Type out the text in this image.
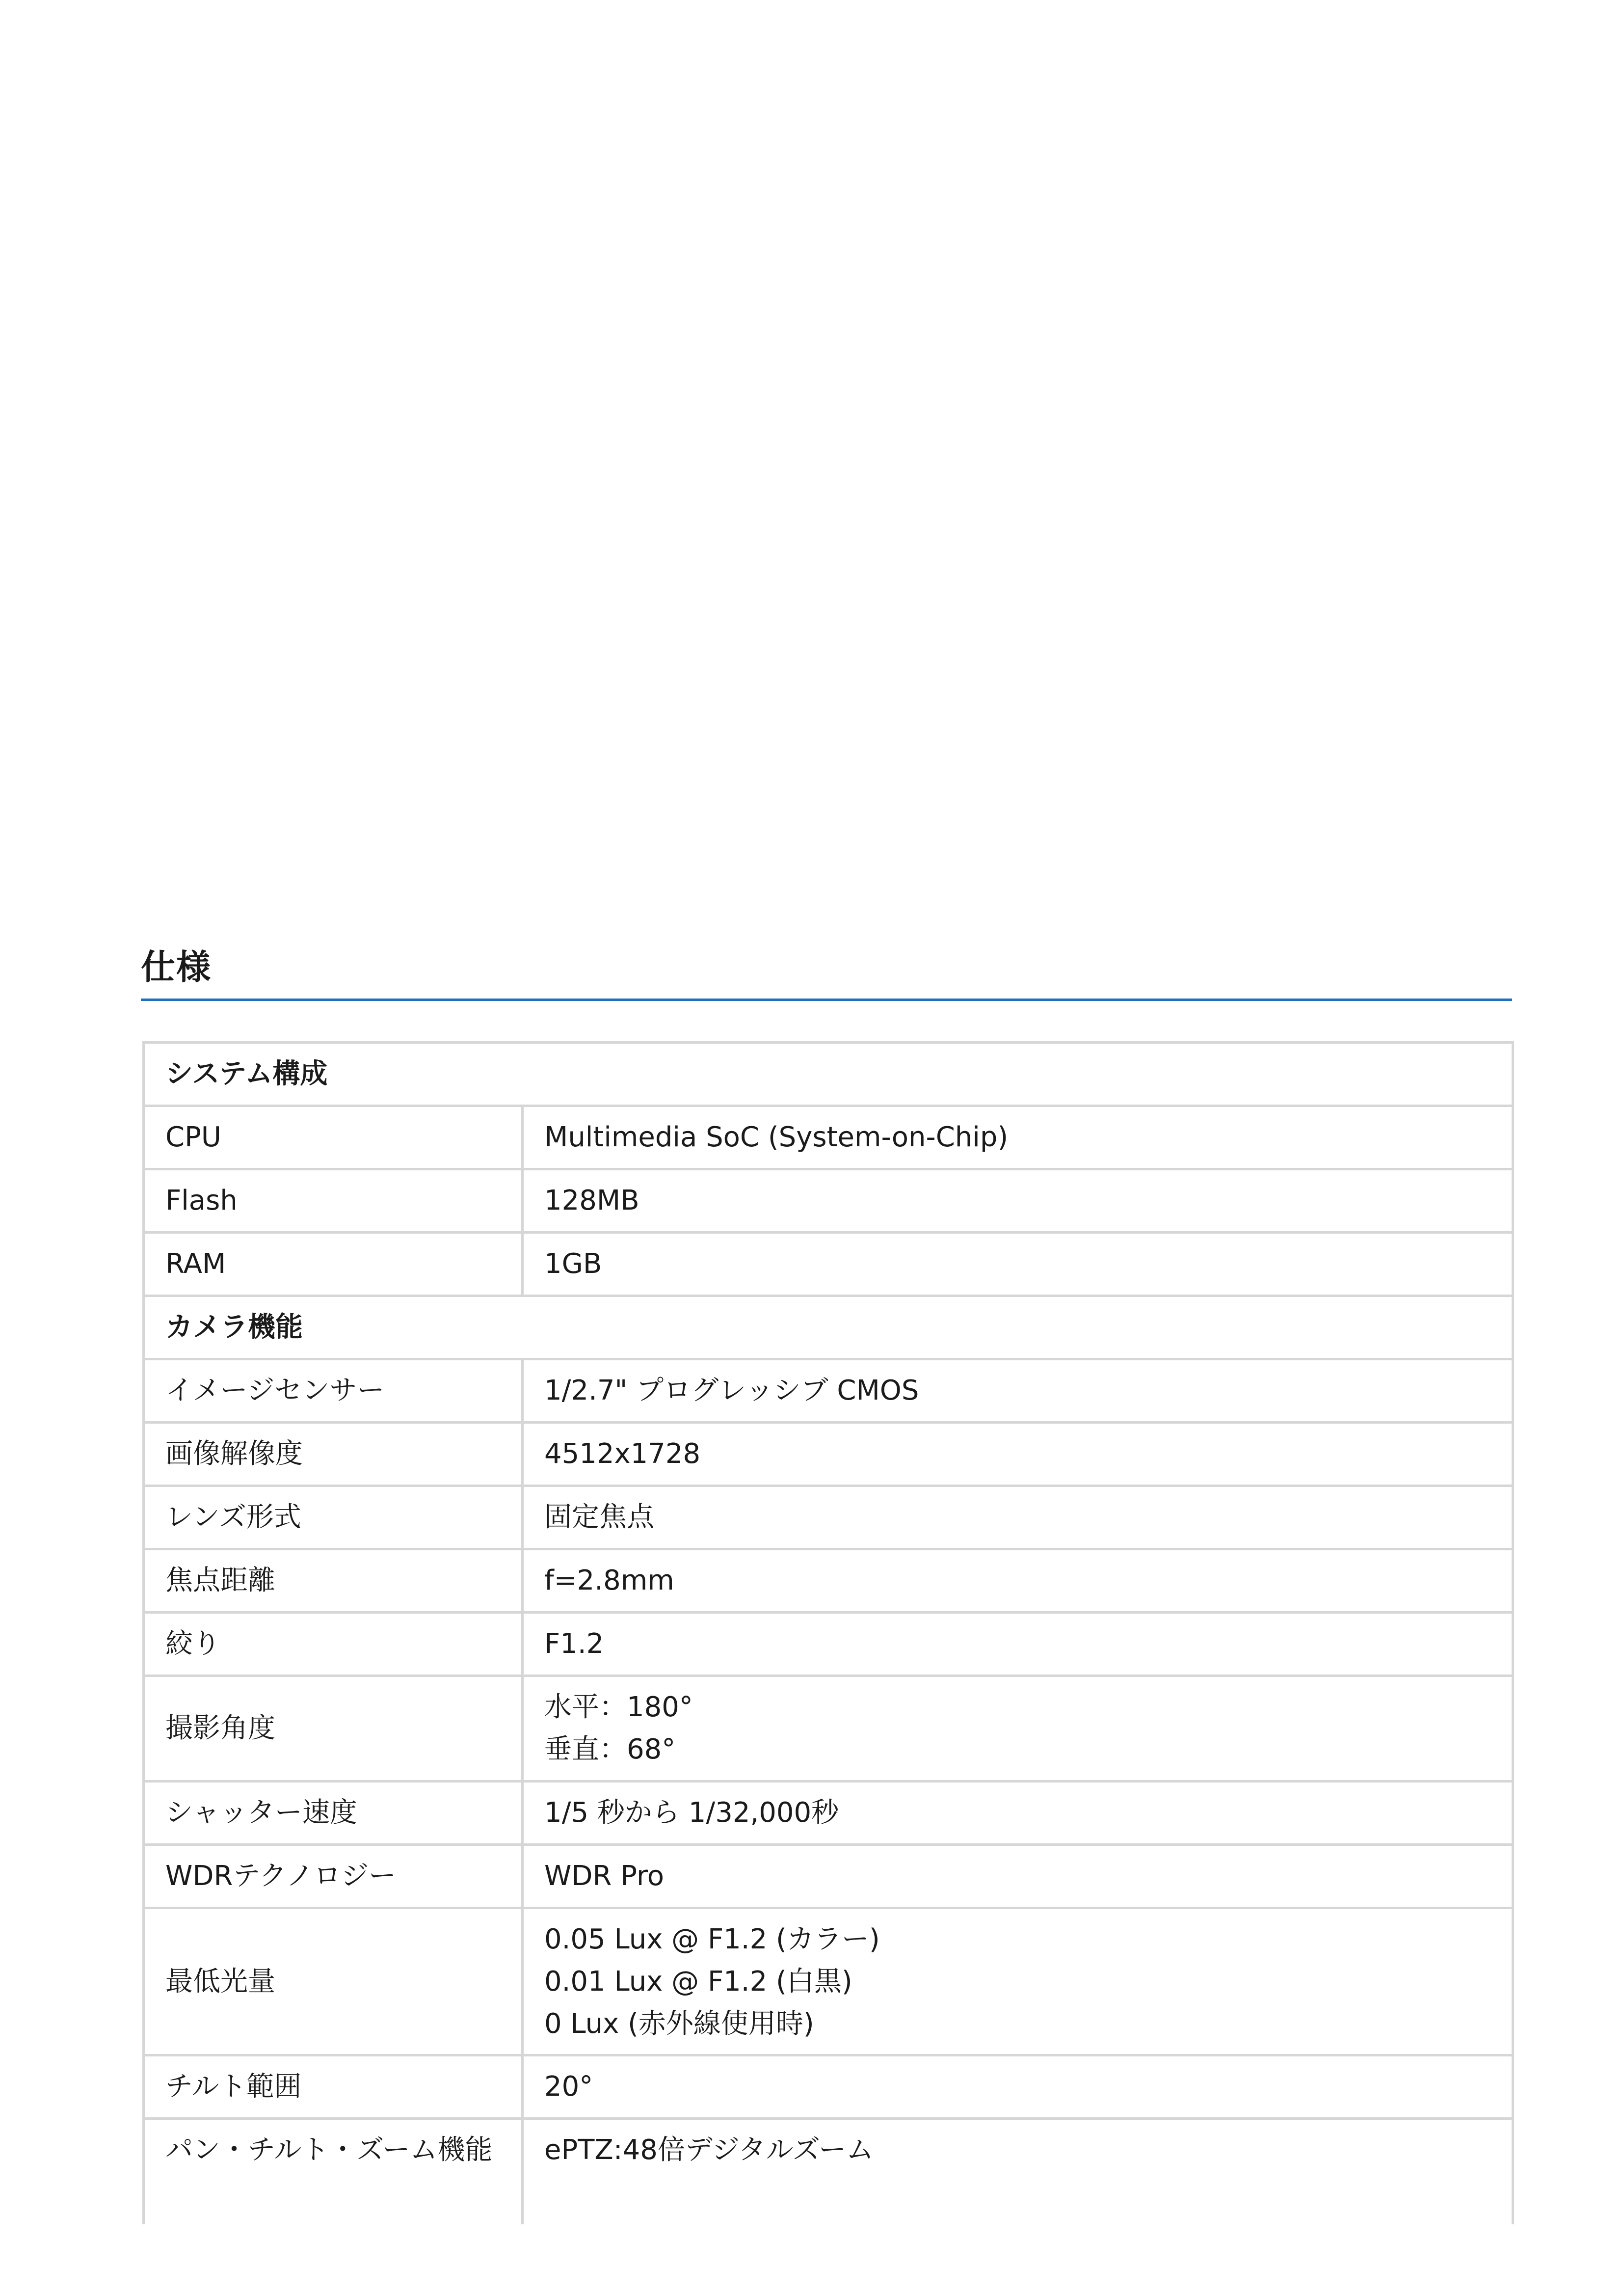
仕様
システム構成	
CPU	Multimedia SoC (System-on-Chip)
Flash	128MB
RAM	1GB
カメラ機能	
イメージセンサー	1/2.7" プログレッシブ CMOS
画像解像度	4512x1728
レンズ形式	固定焦点
焦点距離	f=2.8mm
絞り	F1.2
撮影角度	水平：180°
垂直：68°

シャッター速度	1/5 秒から 1/32,000秒
WDRテクノロジー	WDR Pro
最低光量	0.05 Lux @ F1.2 (カラー)
0.01 Lux @ F1.2 (白黒)
0 Lux (赤外線使用時)

チルト範囲	20°
パン・チルト・ズーム機能	ePTZ:48倍デジタルズーム
